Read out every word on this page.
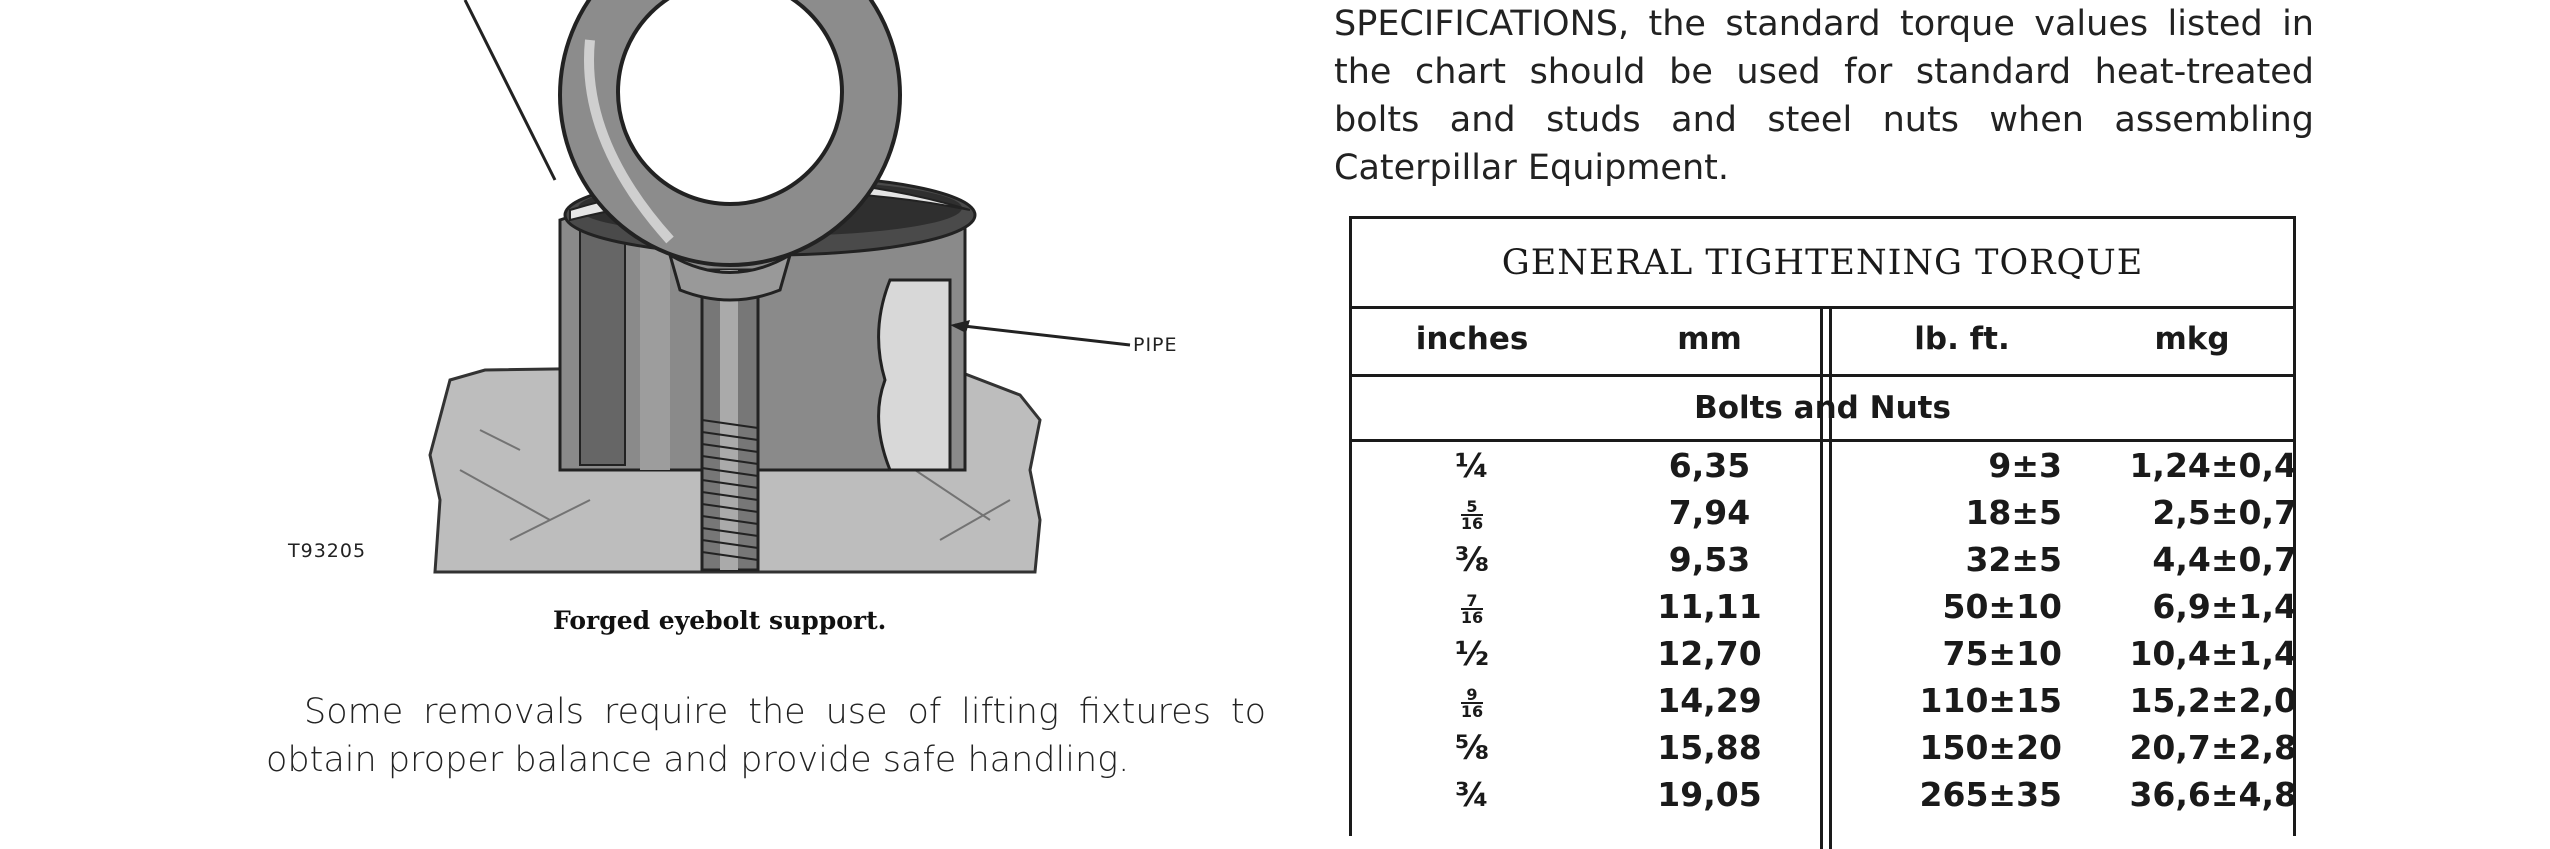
T93205
PIPE
Forged eyebolt support.

Some removals require the use of lifting fixtures to obtain proper balance and provide safe handling.

SPECIFICATIONS, the standard torque values listed in the chart should be used for standard heat-treated bolts and studs and steel nuts when assembling Caterpillar Equipment.

GENERAL TIGHTENING TORQUE
inches	mm	lb. ft.	mkg
Bolts and Nuts
¼	6,35	9±3	1,24±0,4
$\frac{5}{16}$	7,94	18±5	2,5±0,7
⅜	9,53	32±5	4,4±0,7
$\frac{7}{16}$	11,11	50±10	6,9±1,4
½	12,70	75±10	10,4±1,4
$\frac{9}{16}$	14,29	110±15	15,2±2,0
⅝	15,88	150±20	20,7±2,8
¾	19,05	265±35	36,6±4,8
